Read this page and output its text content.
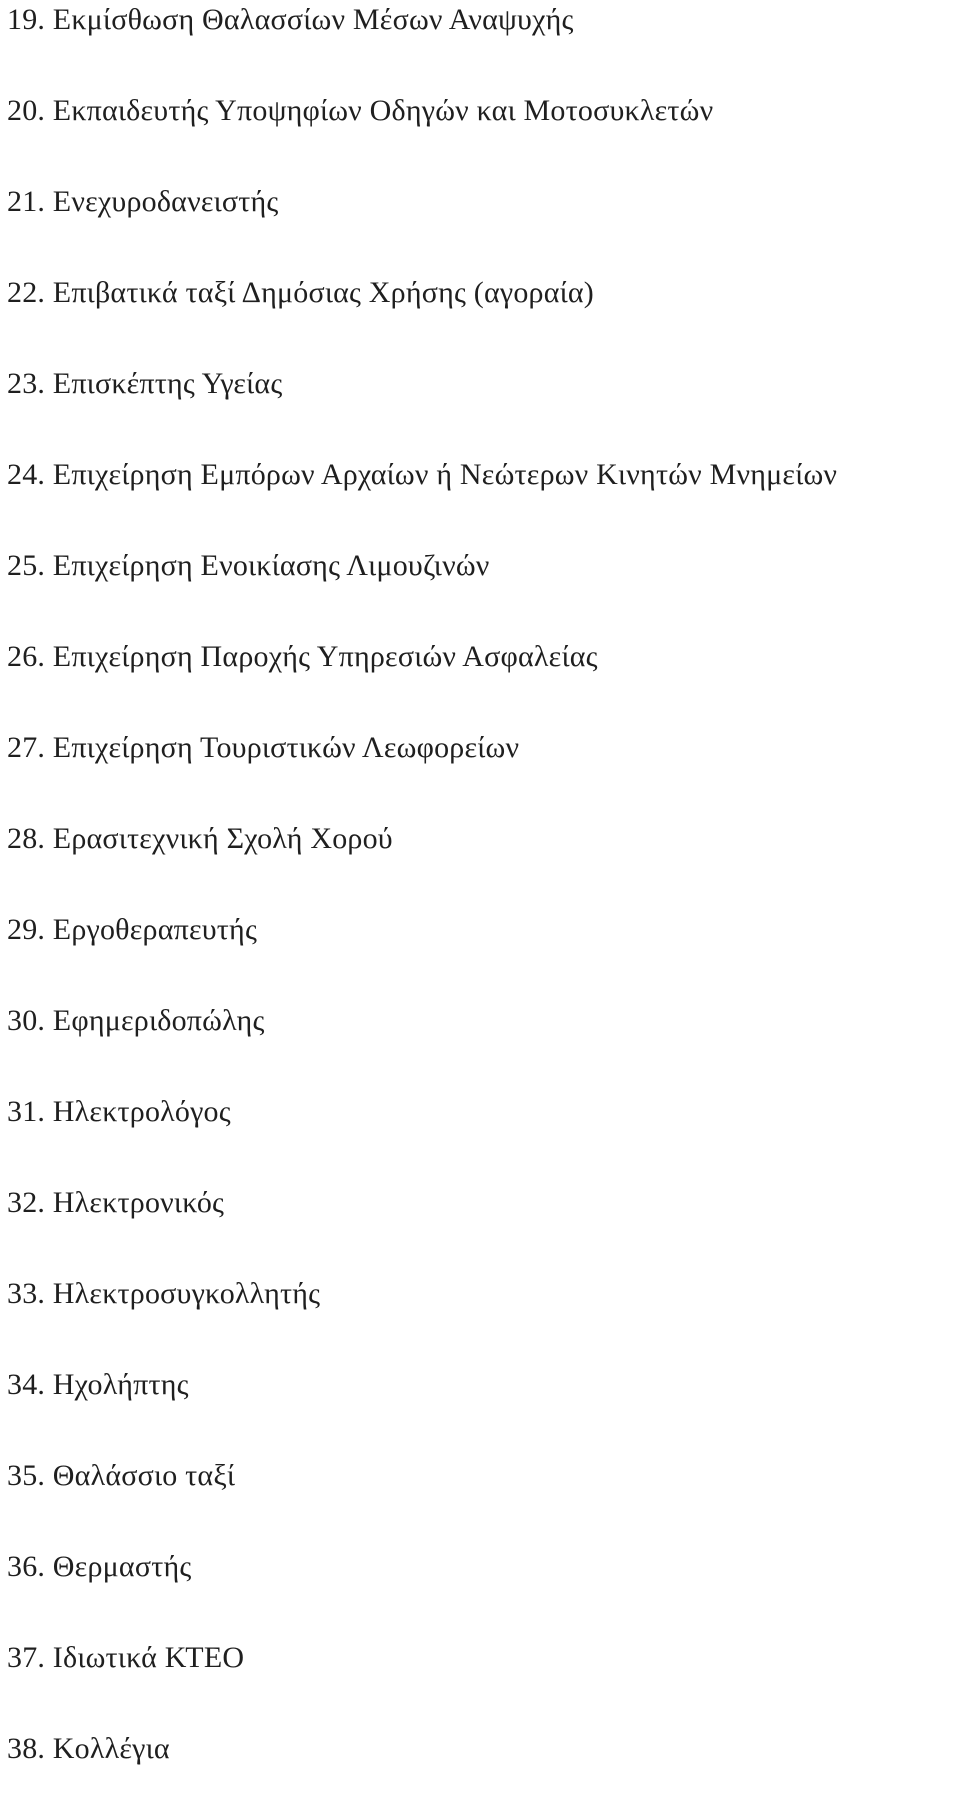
19. Εκμίσθωση Θαλασσίων Μέσων Αναψυχής
20. Εκπαιδευτής Υποψηφίων Οδηγών και Μοτοσυκλετών
21. Ενεχυροδανειστής
22. Επιβατικά ταξί Δημόσιας Χρήσης (αγοραία)
23. Επισκέπτης Υγείας
24. Επιχείρηση Εμπόρων Αρχαίων ή Νεώτερων Κινητών Μνημείων
25. Επιχείρηση Ενοικίασης Λιμουζινών
26. Επιχείρηση Παροχής Υπηρεσιών Ασφαλείας
27. Επιχείρηση Τουριστικών Λεωφορείων
28. Ερασιτεχνική Σχολή Χορού
29. Εργοθεραπευτής
30. Εφημεριδοπώλης
31. Ηλεκτρολόγος
32. Ηλεκτρονικός
33. Ηλεκτροσυγκολλητής
34. Ηχολήπτης
35. Θαλάσσιο ταξί
36. Θερμαστής
37. Ιδιωτικά ΚΤΕΟ
38. Κολλέγια
